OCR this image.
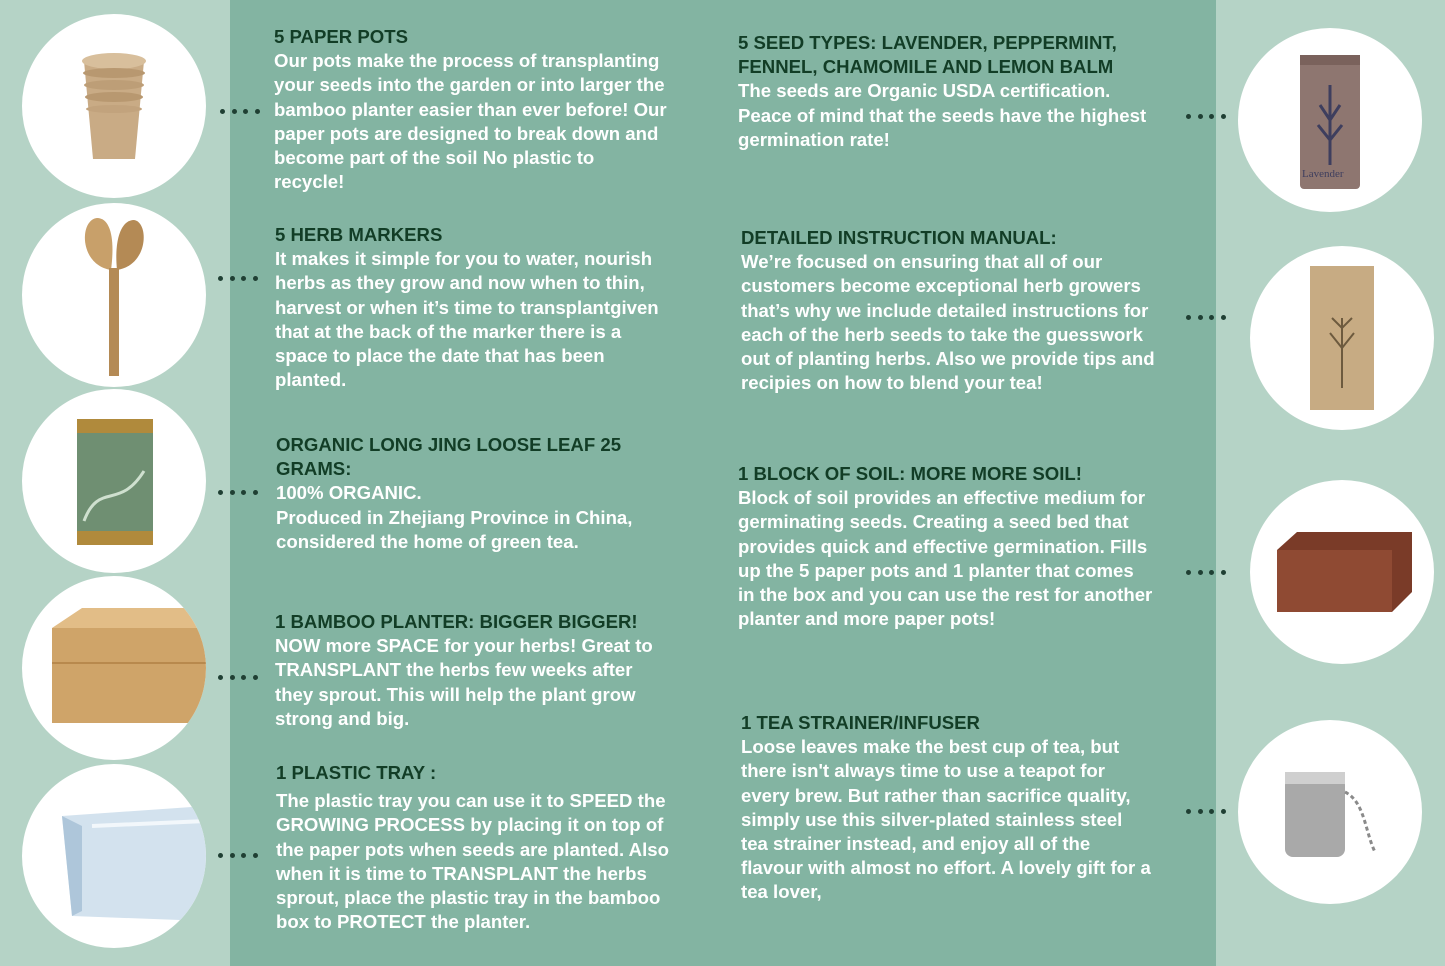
5 PAPER POTS

Our pots make the process of transplanting

your seeds into the garden or into larger the

bamboo planter easier than ever before! Our

paper pots are designed to break down and

become part of the soil No plastic to

recycle!

5 HERB MARKERS

It makes it simple for you to water, nourish

herbs as they grow and now when to thin,

harvest or when it’s time to transplantgiven

that at the back of the marker there is a

space to place the date that has been

planted.

ORGANIC LONG JING LOOSE LEAF 25

GRAMS:

100% ORGANIC.

Produced in Zhejiang Province in China,

considered the home of green tea.

1 BAMBOO PLANTER: BIGGER BIGGER!

NOW more SPACE for your herbs! Great to

TRANSPLANT the herbs few weeks after

they sprout. This will help the plant grow

strong and big.

1 PLASTIC TRAY :

The plastic tray you can use it to SPEED the

GROWING PROCESS by placing it on top of

the paper pots when seeds are planted. Also

when it is time to TRANSPLANT the herbs

sprout, place the plastic tray in the bamboo

box to PROTECT the planter.

5 SEED TYPES: LAVENDER, PEPPERMINT,

FENNEL, CHAMOMILE AND LEMON BALM

The seeds are Organic USDA certification.

Peace of mind that the seeds have the highest

germination rate!

DETAILED INSTRUCTION MANUAL:

We’re focused on ensuring that all of our

customers become exceptional herb growers

that’s why we include detailed instructions for

each of the herb seeds to take the guesswork

out of planting herbs. Also we provide tips and

recipies on how to blend your tea!

1 BLOCK OF SOIL: MORE MORE SOIL!

Block of soil provides an effective medium for

germinating seeds. Creating a seed bed that

provides quick and effective germination. Fills

up the 5 paper pots and 1 planter that comes

in the box and you can use the rest for another

planter and more paper pots!

1 TEA STRAINER/INFUSER

Loose leaves make the best cup of tea, but

there isn't always time to use a teapot for

every brew. But rather than sacrifice quality,

simply use this silver-plated stainless steel

tea strainer instead, and enjoy all of the

flavour with almost no effort. A lovely gift for a

tea lover,

Lavender
